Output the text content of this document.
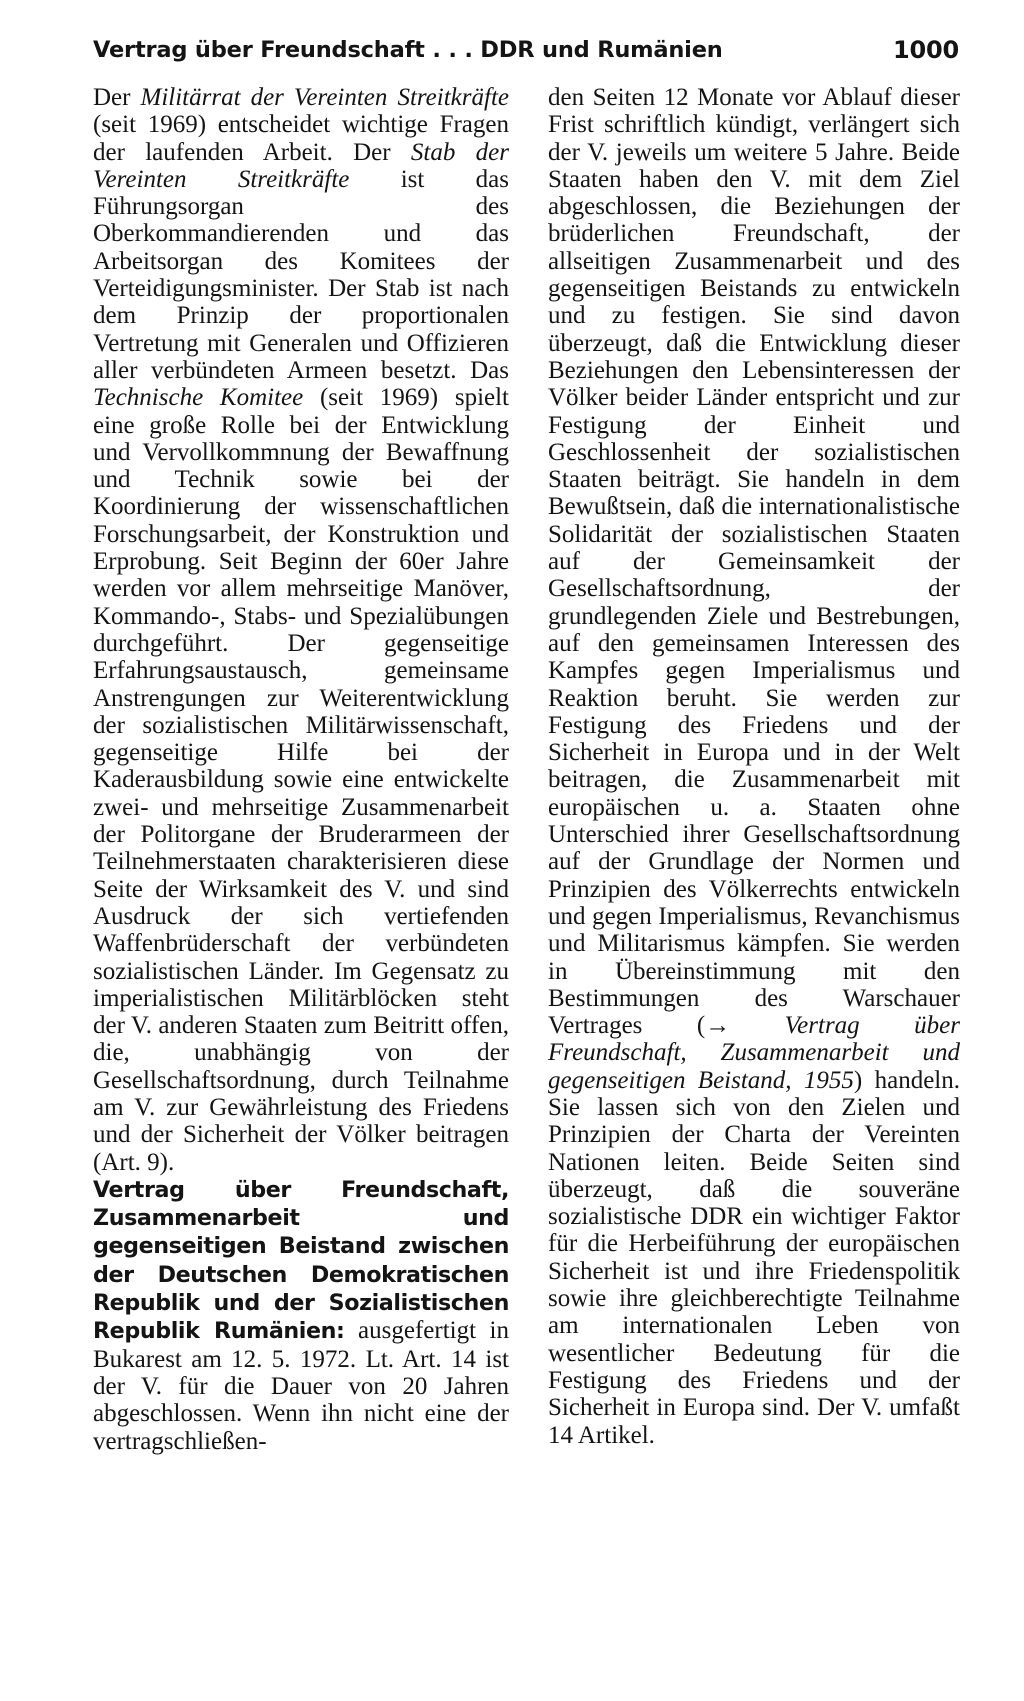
Vertrag über Freundschaft . . . DDR und Rumänien	1000

Der Militärrat der Vereinten Streitkräfte (seit 1969) entscheidet wichtige Fragen der laufenden Arbeit. Der Stab der Vereinten Streitkräfte ist das Führungsorgan des Oberkommandierenden und das Arbeitsorgan des Komitees der Verteidigungsminister. Der Stab ist nach dem Prinzip der proportionalen Vertretung mit Generalen und Offizieren aller verbündeten Armeen besetzt. Das Technische Komitee (seit 1969) spielt eine große Rolle bei der Entwicklung und Vervollkommnung der Bewaffnung und Technik sowie bei der Koordinierung der wissenschaftlichen Forschungsarbeit, der Konstruktion und Erprobung. Seit Beginn der 60er Jahre werden vor allem mehrseitige Manöver, Kommando-, Stabs- und Spezialübungen durchgeführt. Der gegenseitige Erfahrungsaustausch, gemeinsame Anstrengungen zur Weiterentwicklung der sozialistischen Militärwissenschaft, gegenseitige Hilfe bei der Kaderausbildung sowie eine entwickelte zwei- und mehrseitige Zusammenarbeit der Politorgane der Bruderarmeen der Teilnehmerstaaten charakterisieren diese Seite der Wirksamkeit des V. und sind Ausdruck der sich vertiefenden Waffenbrüderschaft der verbündeten sozialistischen Länder. Im Gegensatz zu imperialistischen Militärblöcken steht der V. anderen Staaten zum Beitritt offen, die, unabhängig von der Gesellschaftsordnung, durch Teilnahme am V. zur Gewährleistung des Friedens und der Sicherheit der Völker beitragen (Art. 9).

Vertrag über Freundschaft, Zusammenarbeit und gegenseitigen Beistand zwischen der Deutschen Demokratischen Republik und der Sozialistischen Republik Rumänien: ausgefertigt in Bukarest am 12. 5. 1972. Lt. Art. 14 ist der V. für die Dauer von 20 Jahren abgeschlossen. Wenn ihn nicht eine der vertragschließen-

den Seiten 12 Monate vor Ablauf dieser Frist schriftlich kündigt, verlängert sich der V. jeweils um weitere 5 Jahre. Beide Staaten haben den V. mit dem Ziel abgeschlossen, die Beziehungen der brüderlichen Freundschaft, der allseitigen Zusammenarbeit und des gegenseitigen Beistands zu entwickeln und zu festigen. Sie sind davon überzeugt, daß die Entwicklung dieser Beziehungen den Lebensinteressen der Völker beider Länder entspricht und zur Festigung der Einheit und Geschlossenheit der sozialistischen Staaten beiträgt. Sie handeln in dem Bewußtsein, daß die internationalistische Solidarität der sozialistischen Staaten auf der Gemeinsamkeit der Gesellschaftsordnung, der grundlegenden Ziele und Bestrebungen, auf den gemeinsamen Interessen des Kampfes gegen Imperialismus und Reaktion beruht. Sie werden zur Festigung des Friedens und der Sicherheit in Europa und in der Welt beitragen, die Zusammenarbeit mit europäischen u. a. Staaten ohne Unterschied ihrer Gesellschaftsordnung auf der Grundlage der Normen und Prinzipien des Völkerrechts entwickeln und gegen Imperialismus, Revanchismus und Militarismus kämpfen. Sie werden in Übereinstimmung mit den Bestimmungen des Warschauer Vertrages (→ Vertrag über Freundschaft, Zusammenarbeit und gegenseitigen Beistand, 1955) handeln. Sie lassen sich von den Zielen und Prinzipien der Charta der Vereinten Nationen leiten. Beide Seiten sind überzeugt, daß die souveräne sozialistische DDR ein wichtiger Faktor für die Herbeiführung der europäischen Sicherheit ist und ihre Friedenspolitik sowie ihre gleichberechtigte Teilnahme am internationalen Leben von wesentlicher Bedeutung für die Festigung des Friedens und der Sicherheit in Europa sind. Der V. umfaßt 14 Artikel.
